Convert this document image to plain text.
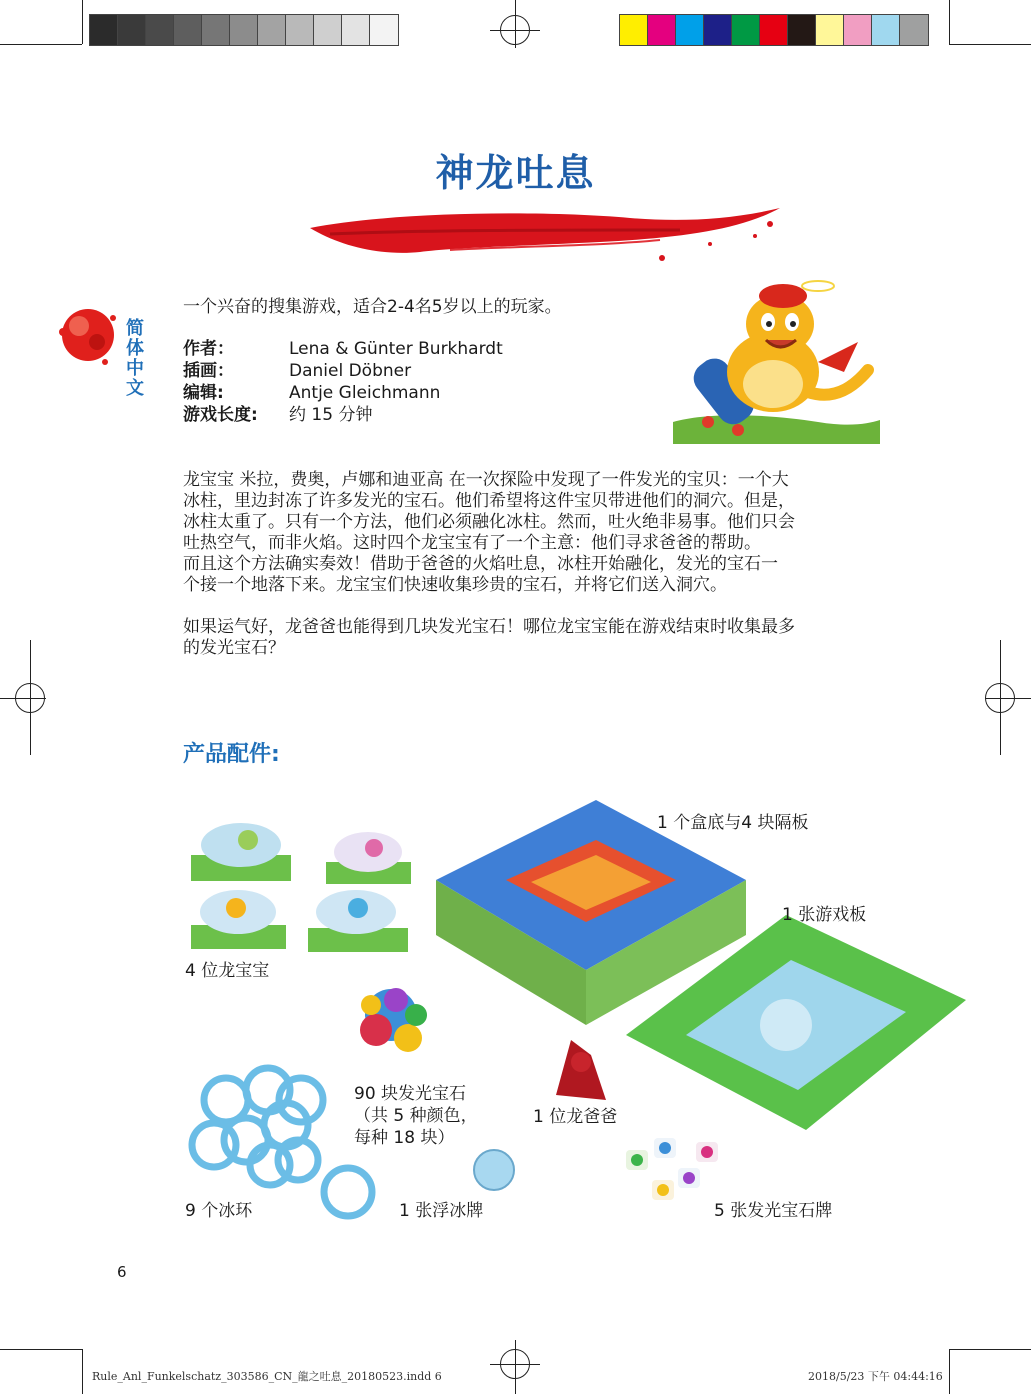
神龙吐息
简体中文
一个兴奋的搜集游戏，适合2-4名5岁以上的玩家。
作者：	Lena & Günter Burkhardt
插画：	Daniel Döbner
编辑:	Antje Gleichmann
游戏长度:	约 15 分钟

龙宝宝 米拉，费奥，卢娜和迪亚高 在一次探险中发现了一件发光的宝贝：一个大
冰柱，里边封冻了许多发光的宝石。他们希望将这件宝贝带进他们的洞穴。但是，
冰柱太重了。只有一个方法，他们必须融化冰柱。然而，吐火绝非易事。他们只会
吐热空气，而非火焰。这时四个龙宝宝有了一个主意：他们寻求爸爸的帮助。
而且这个方法确实奏效！借助于爸爸的火焰吐息，冰柱开始融化，发光的宝石一
个接一个地落下来。龙宝宝们快速收集珍贵的宝石，并将它们送入洞穴。

如果运气好，龙爸爸也能得到几块发光宝石！哪位龙宝宝能在游戏结束时收集最多
的发光宝石？

产品配件:
1 个盒底与4 块隔板
1 张游戏板
4 位龙宝宝
90 块发光宝石
（共 5 种颜色，
每种 18 块）
1 位龙爸爸
9 个冰环	1 张浮冰牌	5 张发光宝石牌
6
Rule_Anl_Funkelschatz_303586_CN_龍之吐息_20180523.indd 6	2018/5/23 下午 04:44:16
